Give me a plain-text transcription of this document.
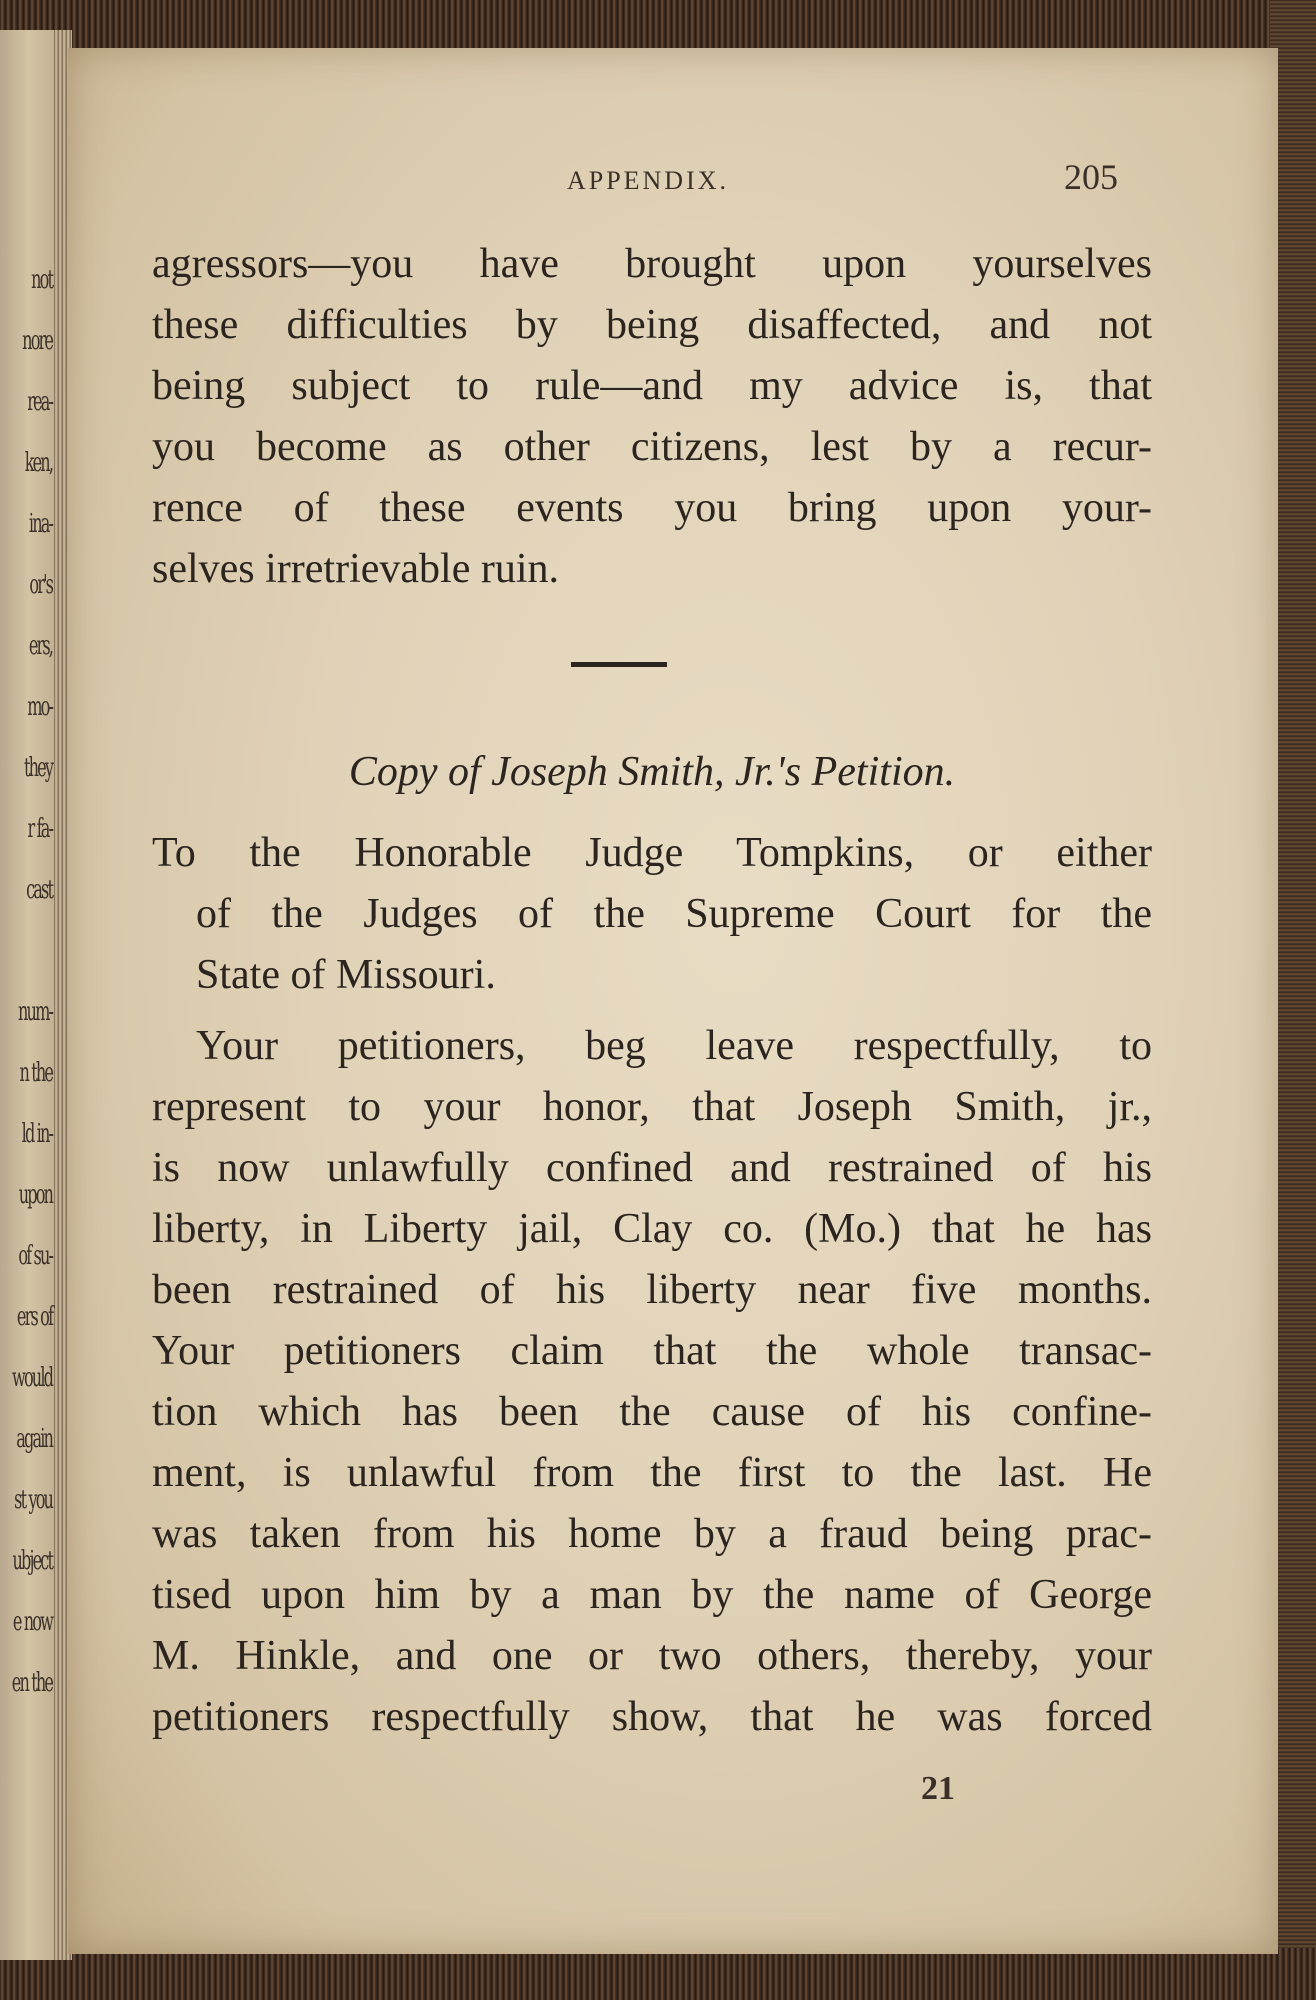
not
nore
rea-
ken,
ina-
or's
ers,
mo-
they
r fa-
cast
num-
n the
ld in-
upon
of su-
ers of
would
again
st you
ubject
e now
en the
APPENDIX.	205
agressors—you have brought upon yourselves
these difficulties by being disaffected, and not
being subject to rule—and my advice is, that
you become as other citizens, lest by a recur-
rence of these events you bring upon your-
selves irretrievable ruin.
Copy of Joseph Smith, Jr.'s Petition.
To the Honorable Judge Tompkins, or either
of the Judges of the Supreme Court for the
State of Missouri.
Your petitioners, beg leave respectfully, to
represent to your honor, that Joseph Smith, jr.,
is now unlawfully confined and restrained of his
liberty, in Liberty jail, Clay co. (Mo.) that he has
been restrained of his liberty near five months.
Your petitioners claim that the whole transac-
tion which has been the cause of his confine-
ment, is unlawful from the first to the last. He
was taken from his home by a fraud being prac-
tised upon him by a man by the name of George
M. Hinkle, and one or two others, thereby, your
petitioners respectfully show, that he was forced
21
